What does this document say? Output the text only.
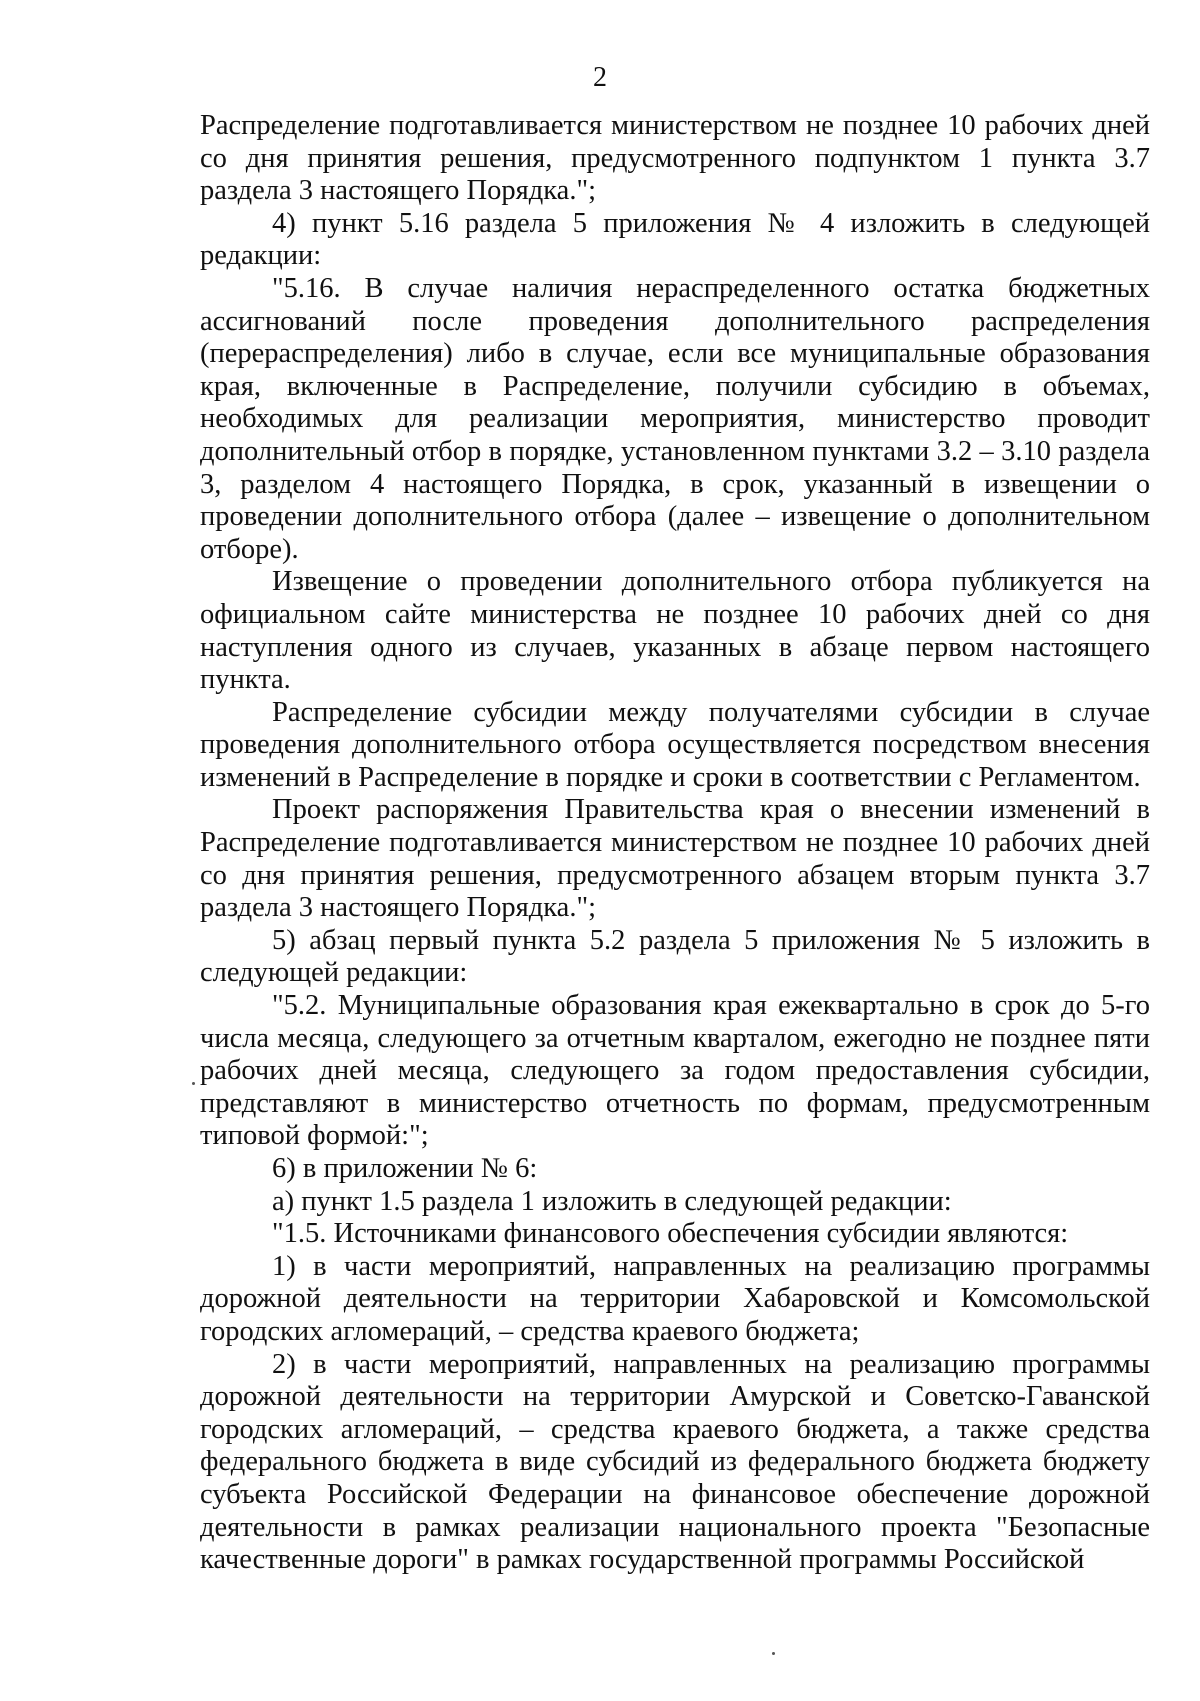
2

Распределение подготавливается министерством не позднее 10 рабочих дней со дня принятия решения, предусмотренного подпунктом 1 пункта 3.7 раздела 3 настоящего Порядка.";

4) пункт 5.16 раздела 5 приложения № 4 изложить в следующей редакции:

"5.16. В случае наличия нераспределенного остатка бюджетных ассигнований после проведения дополнительного распределения (перераспределения) либо в случае, если все муниципальные образования края, включенные в Распределение, получили субсидию в объемах, необходимых для реализации мероприятия, министерство проводит дополнительный отбор в порядке, установленном пунктами 3.2 – 3.10 раздела 3, разделом 4 настоящего Порядка, в срок, указанный в извещении о проведении дополнительного отбора (далее – извещение о дополнительном отборе).

Извещение о проведении дополнительного отбора публикуется на официальном сайте министерства не позднее 10 рабочих дней со дня наступления одного из случаев, указанных в абзаце первом настоящего пункта.

Распределение субсидии между получателями субсидии в случае проведения дополнительного отбора осуществляется посредством внесения изменений в Распределение в порядке и сроки в соответствии с Регламентом.

Проект распоряжения Правительства края о внесении изменений в Распределение подготавливается министерством не позднее 10 рабочих дней со дня принятия решения, предусмотренного абзацем вторым пункта 3.7 раздела 3 настоящего Порядка.";

5) абзац первый пункта 5.2 раздела 5 приложения № 5 изложить в следующей редакции:

"5.2. Муниципальные образования края ежеквартально в срок до 5-го числа месяца, следующего за отчетным кварталом, ежегодно не позднее пяти рабочих дней месяца, следующего за годом предоставления субсидии, представляют в министерство отчетность по формам, предусмотренным типовой формой:";

6) в приложении № 6:

а) пункт 1.5 раздела 1 изложить в следующей редакции:

"1.5. Источниками финансового обеспечения субсидии являются:

1) в части мероприятий, направленных на реализацию программы дорожной деятельности на территории Хабаровской и Комсомольской городских агломераций, – средства краевого бюджета;

2) в части мероприятий, направленных на реализацию программы дорожной деятельности на территории Амурской и Советско-Гаванской городских агломераций, – средства краевого бюджета, а также средства федерального бюджета в виде субсидий из федерального бюджета бюджету субъекта Российской Федерации на финансовое обеспечение дорожной деятельности в рамках реализации национального проекта "Безопасные качественные дороги" в рамках государственной программы Российской
